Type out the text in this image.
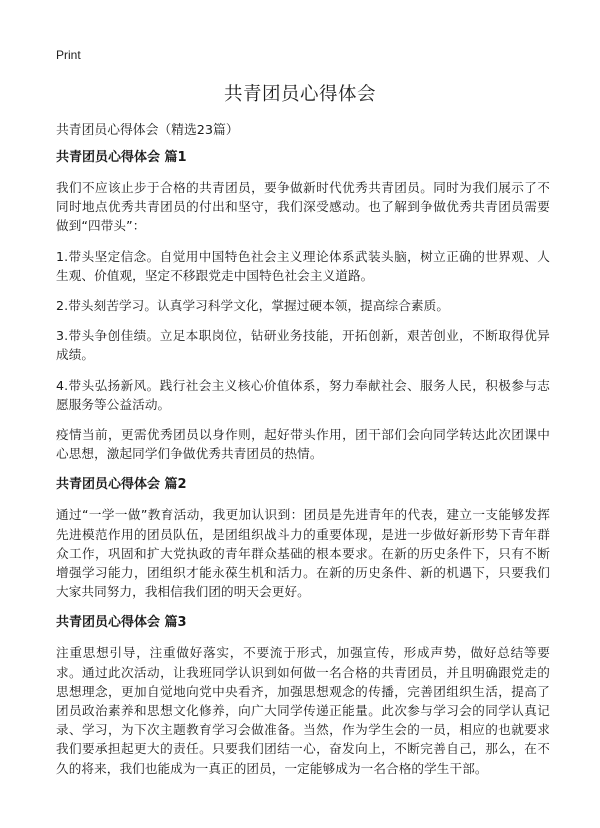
Print
共青团员心得体会

共青团员心得体会（精选23篇）

共青团员心得体会 篇1

我们不应该止步于合格的共青团员，要争做新时代优秀共青团员。同时为我们展示了不同时地点优秀共青团员的付出和坚守，我们深受感动。也了解到争做优秀共青团员需要做到“四带头”：

1.带头坚定信念。自觉用中国特色社会主义理论体系武装头脑，树立正确的世界观、人生观、价值观，坚定不移跟党走中国特色社会主义道路。

2.带头刻苦学习。认真学习科学文化，掌握过硬本领，提高综合素质。

3.带头争创佳绩。立足本职岗位，钻研业务技能，开拓创新，艰苦创业，不断取得优异成绩。

4.带头弘扬新风。践行社会主义核心价值体系，努力奉献社会、服务人民，积极参与志愿服务等公益活动。

疫情当前，更需优秀团员以身作则，起好带头作用，团干部们会向同学转达此次团课中心思想，激起同学们争做优秀共青团员的热情。

共青团员心得体会 篇2

通过“一学一做”教育活动，我更加认识到：团员是先进青年的代表，建立一支能够发挥先进模范作用的团员队伍，是团组织战斗力的重要体现，是进一步做好新形势下青年群众工作，巩固和扩大党执政的青年群众基础的根本要求。在新的历史条件下，只有不断增强学习能力，团组织才能永葆生机和活力。在新的历史条件、新的机遇下，只要我们大家共同努力，我相信我们团的明天会更好。

共青团员心得体会 篇3

注重思想引导，注重做好落实，不要流于形式，加强宣传，形成声势，做好总结等要求。通过此次活动，让我班同学认识到如何做一名合格的共青团员，并且明确跟党走的思想理念，更加自觉地向党中央看齐，加强思想观念的传播，完善团组织生活，提高了团员政治素养和思想文化修养，向广大同学传递正能量。此次参与学习会的同学认真记录、学习，为下次主题教育学习会做准备。当然，作为学生会的一员，相应的也就要求我们要承担起更大的责任。只要我们团结一心，奋发向上，不断完善自己，那么，在不久的将来，我们也能成为一真正的团员，一定能够成为一名合格的学生干部。
